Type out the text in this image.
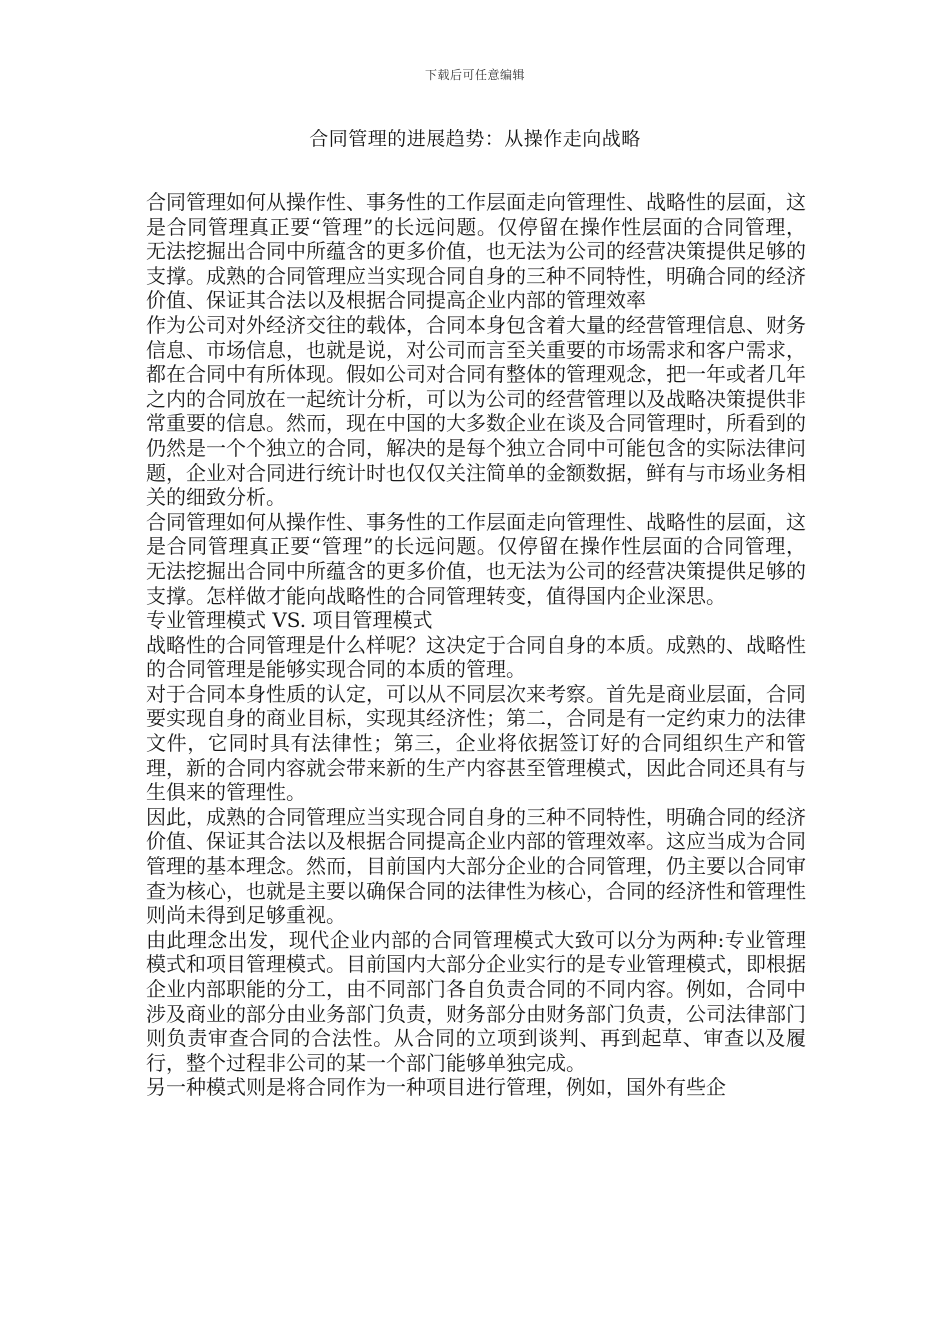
下载后可任意编辑
合同管理的进展趋势：从操作走向战略

合同管理如何从操作性、事务性的工作层面走向管理性、战略性的层面，这是合同管理真正要“管理”的长远问题。仅停留在操作性层面的合同管理，无法挖掘出合同中所蕴含的更多价值，也无法为公司的经营决策提供足够的支撑。成熟的合同管理应当实现合同自身的三种不同特性，明确合同的经济价值、保证其合法以及根据合同提高企业内部的管理效率

作为公司对外经济交往的载体，合同本身包含着大量的经营管理信息、财务信息、市场信息，也就是说，对公司而言至关重要的市场需求和客户需求，都在合同中有所体现。假如公司对合同有整体的管理观念，把一年或者几年之内的合同放在一起统计分析，可以为公司的经营管理以及战略决策提供非常重要的信息。然而，现在中国的大多数企业在谈及合同管理时，所看到的仍然是一个个独立的合同，解决的是每个独立合同中可能包含的实际法律问题，企业对合同进行统计时也仅仅关注简单的金额数据，鲜有与市场业务相关的细致分析。

合同管理如何从操作性、事务性的工作层面走向管理性、战略性的层面，这是合同管理真正要“管理”的长远问题。仅停留在操作性层面的合同管理，无法挖掘出合同中所蕴含的更多价值，也无法为公司的经营决策提供足够的支撑。怎样做才能向战略性的合同管理转变，值得国内企业深思。

专业管理模式 VS. 项目管理模式

战略性的合同管理是什么样呢？这决定于合同自身的本质。成熟的、战略性的合同管理是能够实现合同的本质的管理。

对于合同本身性质的认定，可以从不同层次来考察。首先是商业层面，合同要实现自身的商业目标，实现其经济性；第二，合同是有一定约束力的法律文件，它同时具有法律性；第三，企业将依据签订好的合同组织生产和管理，新的合同内容就会带来新的生产内容甚至管理模式，因此合同还具有与生俱来的管理性。

因此，成熟的合同管理应当实现合同自身的三种不同特性，明确合同的经济价值、保证其合法以及根据合同提高企业内部的管理效率。这应当成为合同管理的基本理念。然而，目前国内大部分企业的合同管理，仍主要以合同审查为核心，也就是主要以确保合同的法律性为核心，合同的经济性和管理性则尚未得到足够重视。

由此理念出发，现代企业内部的合同管理模式大致可以分为两种:专业管理模式和项目管理模式。目前国内大部分企业实行的是专业管理模式，即根据企业内部职能的分工，由不同部门各自负责合同的不同内容。例如，合同中涉及商业的部分由业务部门负责，财务部分由财务部门负责，公司法律部门则负责审查合同的合法性。从合同的立项到谈判、再到起草、审查以及履行，整个过程非公司的某一个部门能够单独完成。

另一种模式则是将合同作为一种项目进行管理，例如，国外有些企
